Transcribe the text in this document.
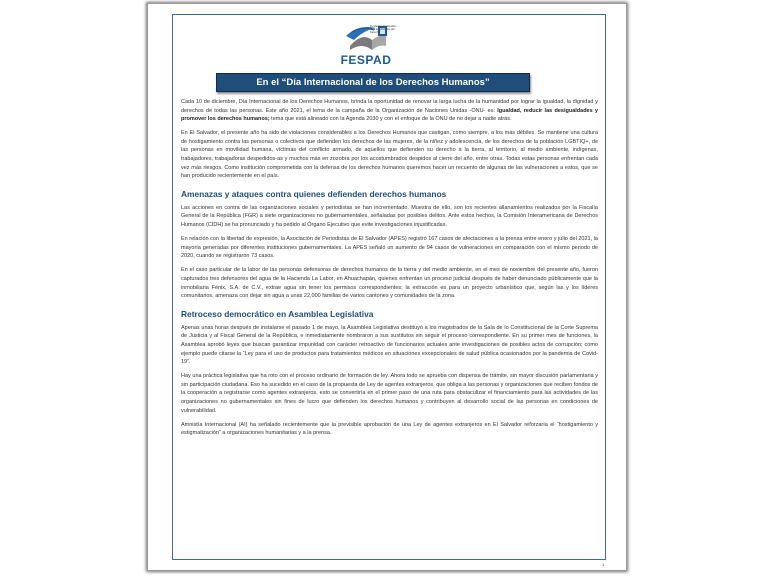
Fundación de Estudios para la Aplicación del Derecho
FESPAD
En el “Día Internacional de los Derechos Humanos”

Cada 10 de diciembre, Día Internacional de los Derechos Humanos, brinda la oportunidad de renovar la larga lucha de la humanidad por lograr la igualdad, la dignidad y derechos de todas las personas. Este año 2021, el lema de la campaña de la Organización de Naciones Unidas -ONU- es: Igualdad, reducir las desigualdades y promover los derechos humanos; tema que está alineado con la Agenda 2030 y con el enfoque de la ONU de no dejar a nadie atrás.

En El Salvador, el presente año ha sido de violaciones considerables a los Derechos Humanos que castigan, como siempre, a los más débiles. Se mantiene una cultura de hostigamiento contra las personas o colectivos que defienden los derechos de las mujeres, de la niñez y adolescencia, de los derechos de la población LGBTIQ+, de las personas en movilidad humana, víctimas del conflicto armado, de aquellos que defienden su derecho a la tierra, al territorio, al medio ambiente, indígenas, trabajadores, trabajadoras despedidos-as y muchos más en zozobra por los acostumbrados despidos al cierre del año, entre otras. Todas estas personas enfrentan cada vez más riesgos. Como institución comprometida con la defensa de los derechos humanos queremos hacer un recuento de algunas de las vulneraciones a estos, que se han producido recientemente en el país.

Amenazas y ataques contra quienes defienden derechos humanos

Las acciones en contra de las organizaciones sociales y periodistas se han incrementado. Muestra de ello, son los recientes allanamientos realizados por la Fiscalía General de la República (FGR) a siete organizaciones no gubernamentales, señaladas por posibles delitos. Ante estos hechos, la Comisión Interamericana de Derechos Humanos (CIDH) se ha pronunciado y ha pedido al Órgano Ejecutivo que evite investigaciones injustificadas.

En relación con la libertad de expresión, la Asociación de Periodistas de El Salvador (APES) registró 167 casos de afectaciones a la prensa entre enero y julio del 2021, la mayoría generadas por diferentes instituciones gubernamentales. La APES señaló un aumento de 94 casos de vulneraciones en comparación con el mismo periodo de 2020, cuando se registraron 73 casos.

En el caso particular de la labor de las personas defensoras de derechos humanos de la tierra y del medio ambiente, en el mes de noviembre del presente año, fueron capturados tres defensores del agua de la Hacienda La Labor, en Ahuachapán, quienes enfrentan un proceso judicial después de haber denunciado públicamente que la inmobiliaria Fénix, S.A. de C.V., extrae agua sin tener los permisos correspondientes; la extracción es para un proyecto urbanístico que, según las y los líderes comunitarios, amenaza con dejar sin agua a unas 22,000 familias de varios cantones y comunidades de la zona.

Retroceso democrático en Asamblea Legislativa

Apenas unas horas después de instalarse el pasado 1 de mayo, la Asamblea Legislativa destituyó a los magistrados de la Sala de lo Constitucional de la Corte Suprema de Justicia y al Fiscal General de la República, e inmediatamente nombraron a sus sustitutos sin seguir el proceso correspondiente. En su primer mes de funciones, la Asamblea aprobó leyes que buscan garantizar impunidad con carácter retroactivo de funcionarios actuales ante investigaciones de posibles actos de corrupción; como ejemplo puede citarse la “Ley para el uso de productos para tratamientos médicos en situaciones excepcionales de salud pública ocasionados por la pandemia de Covid-19”.

Hay una práctica legislativa que ha roto con el proceso ordinario de formación de ley. Ahora todo se aprueba con dispensa de trámite, sin mayor discusión parlamentaria y sin participación ciudadana. Eso ha sucedido en el caso de la propuesta de Ley de agentes extranjeros, que obliga a las personas y organizaciones que reciben fondos de la cooperación a registrarse como agentes extranjeros, esto se convertiría en el primer paso de una ruta para obstaculizar el financiamiento para las actividades de las organizaciones no gubernamentales sin fines de lucro que defienden los derechos humanos y contribuyen al desarrollo social de las personas en condiciones de vulnerabilidad.

Amnistía Internacional (AI) ha señalado recientemente que la previsible aprobación de una Ley de agentes extranjeros en El Salvador reforzaría el “hostigamiento y estigmatización” a organizaciones humanitarias y a la prensa.

1
